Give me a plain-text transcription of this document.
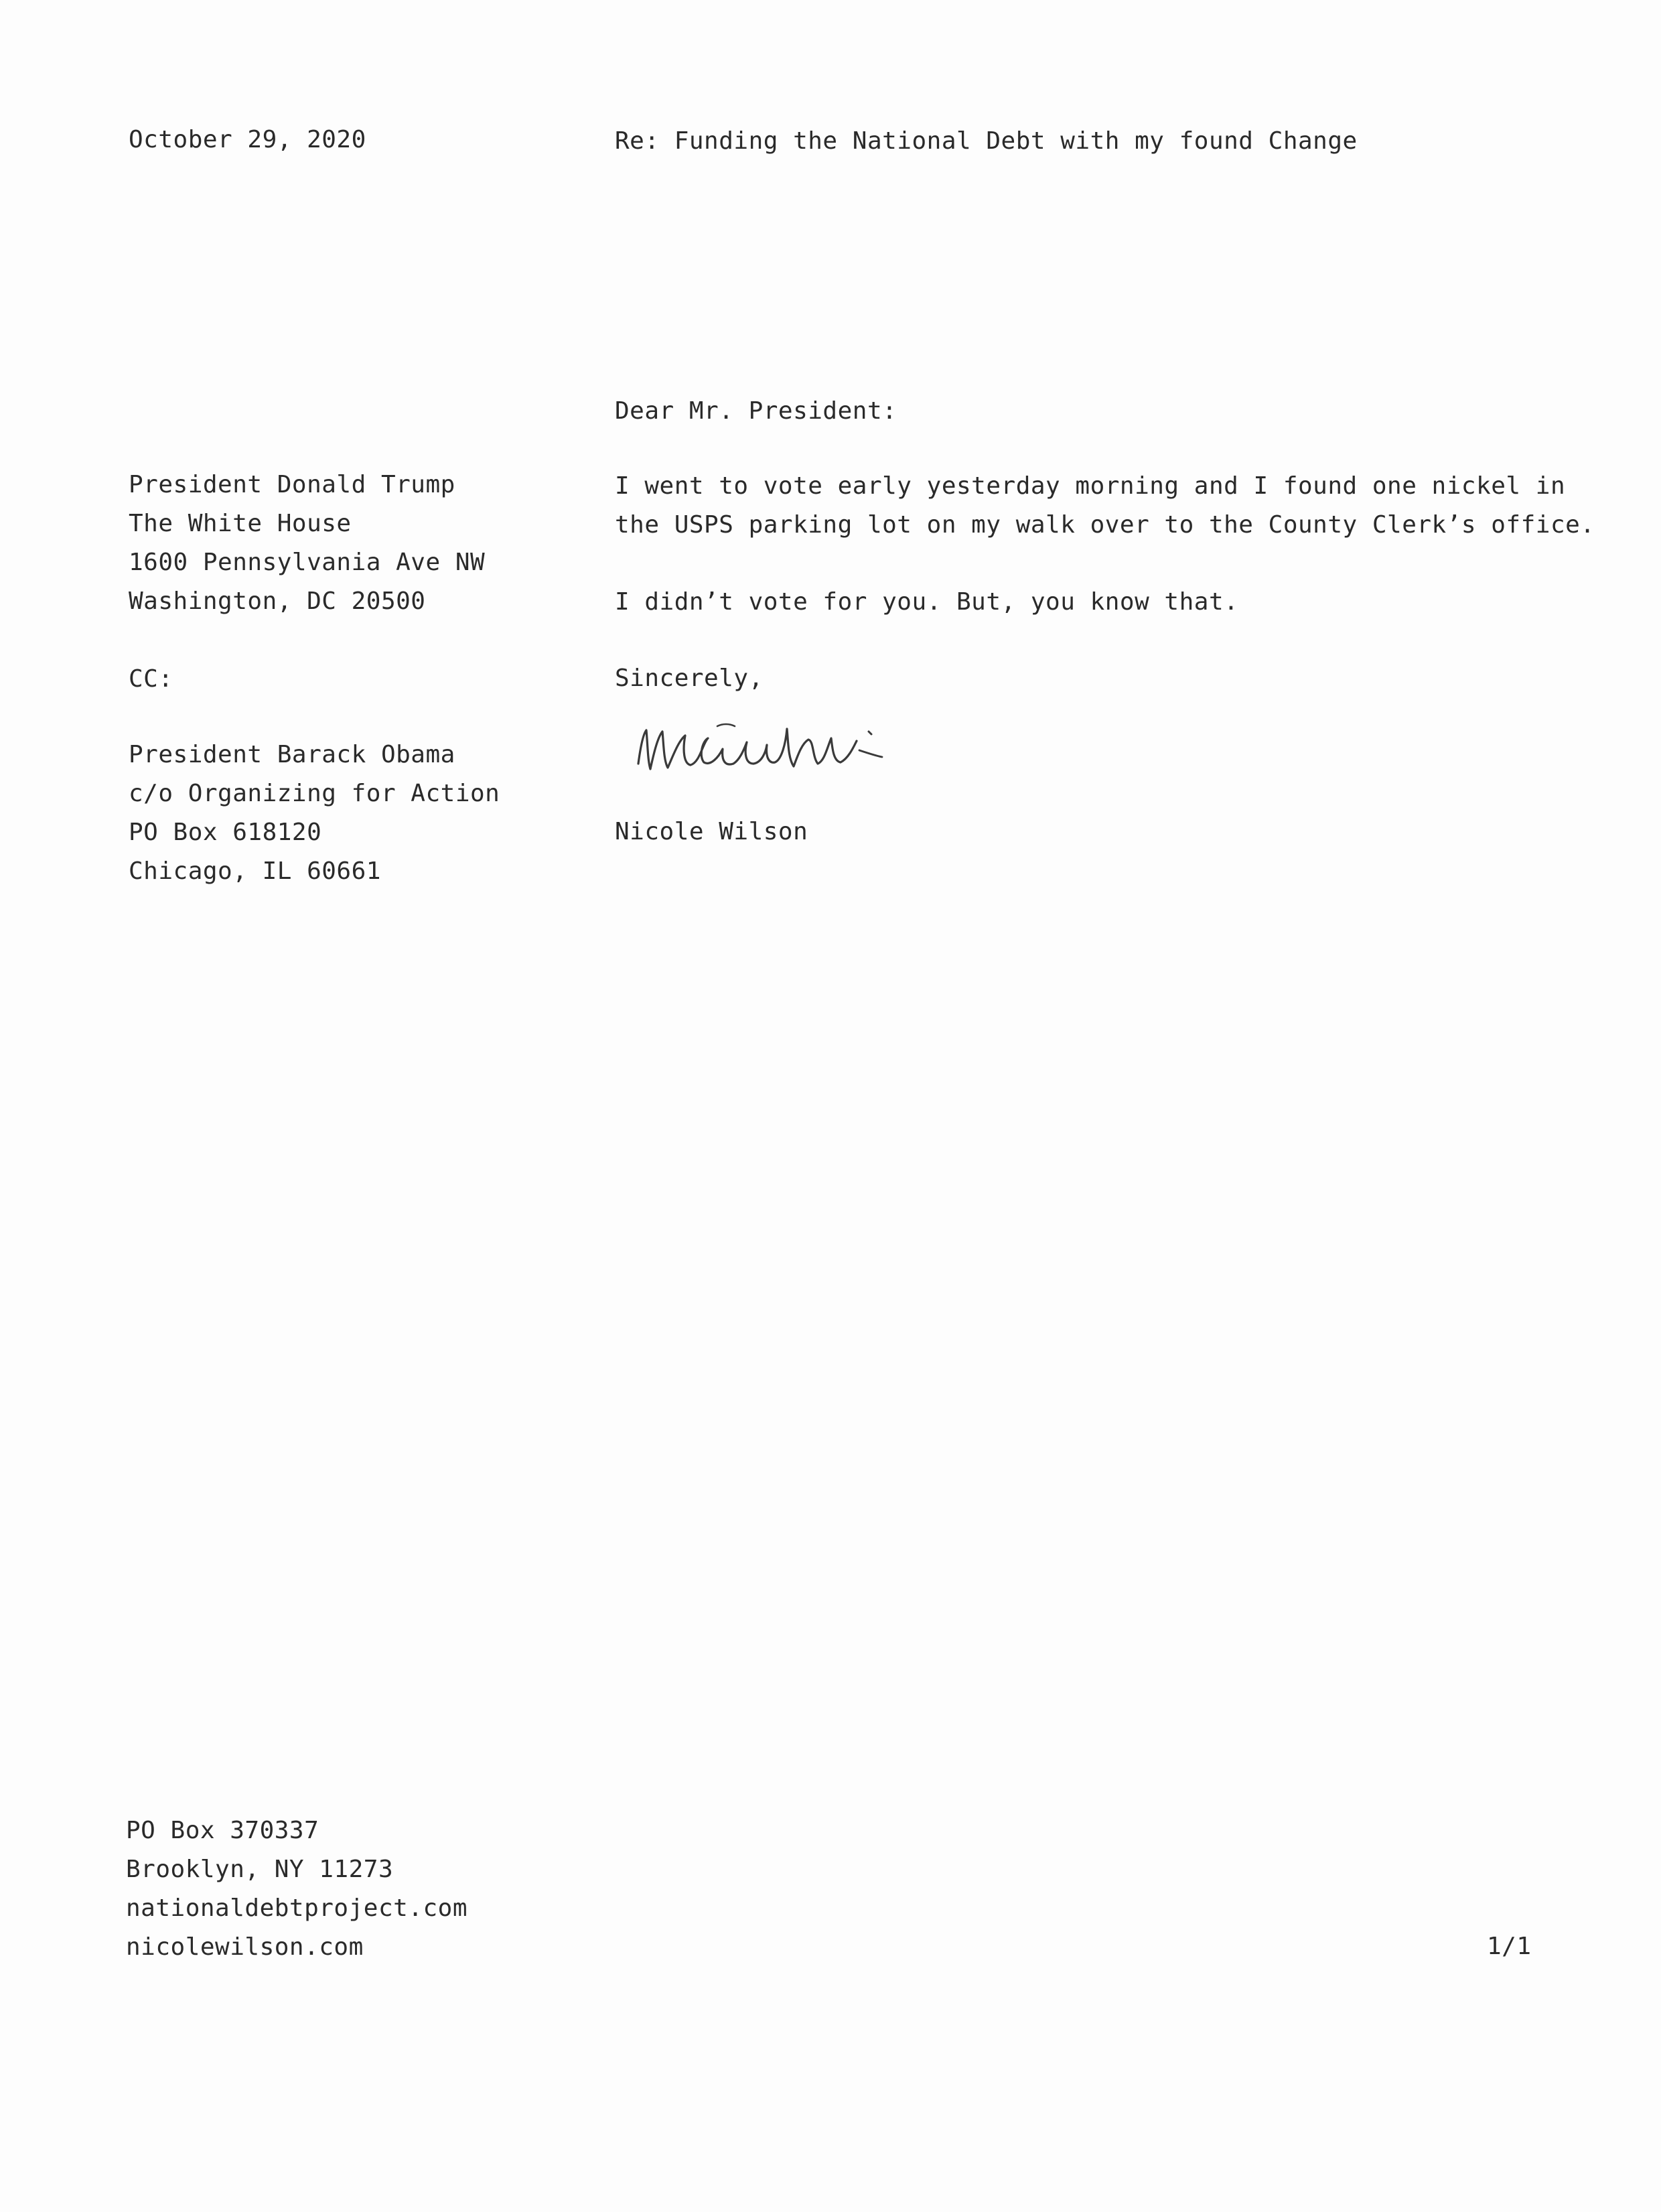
October 29, 2020	Re: Funding the National Debt with my found Change
Dear Mr. President:
President Donald Trump
The White House
1600 Pennsylvania Ave NW
Washington, DC 20500
CC:
President Barack Obama
c/o Organizing for Action
PO Box 618120
Chicago, IL 60661
I went to vote early yesterday morning and I found one nickel in
the USPS parking lot on my walk over to the County Clerk’s office.
I didn’t vote for you. But, you know that.
Sincerely,
Nicole Wilson
PO Box 370337
Brooklyn, NY 11273
nationaldebtproject.com
nicolewilson.com	1/1
